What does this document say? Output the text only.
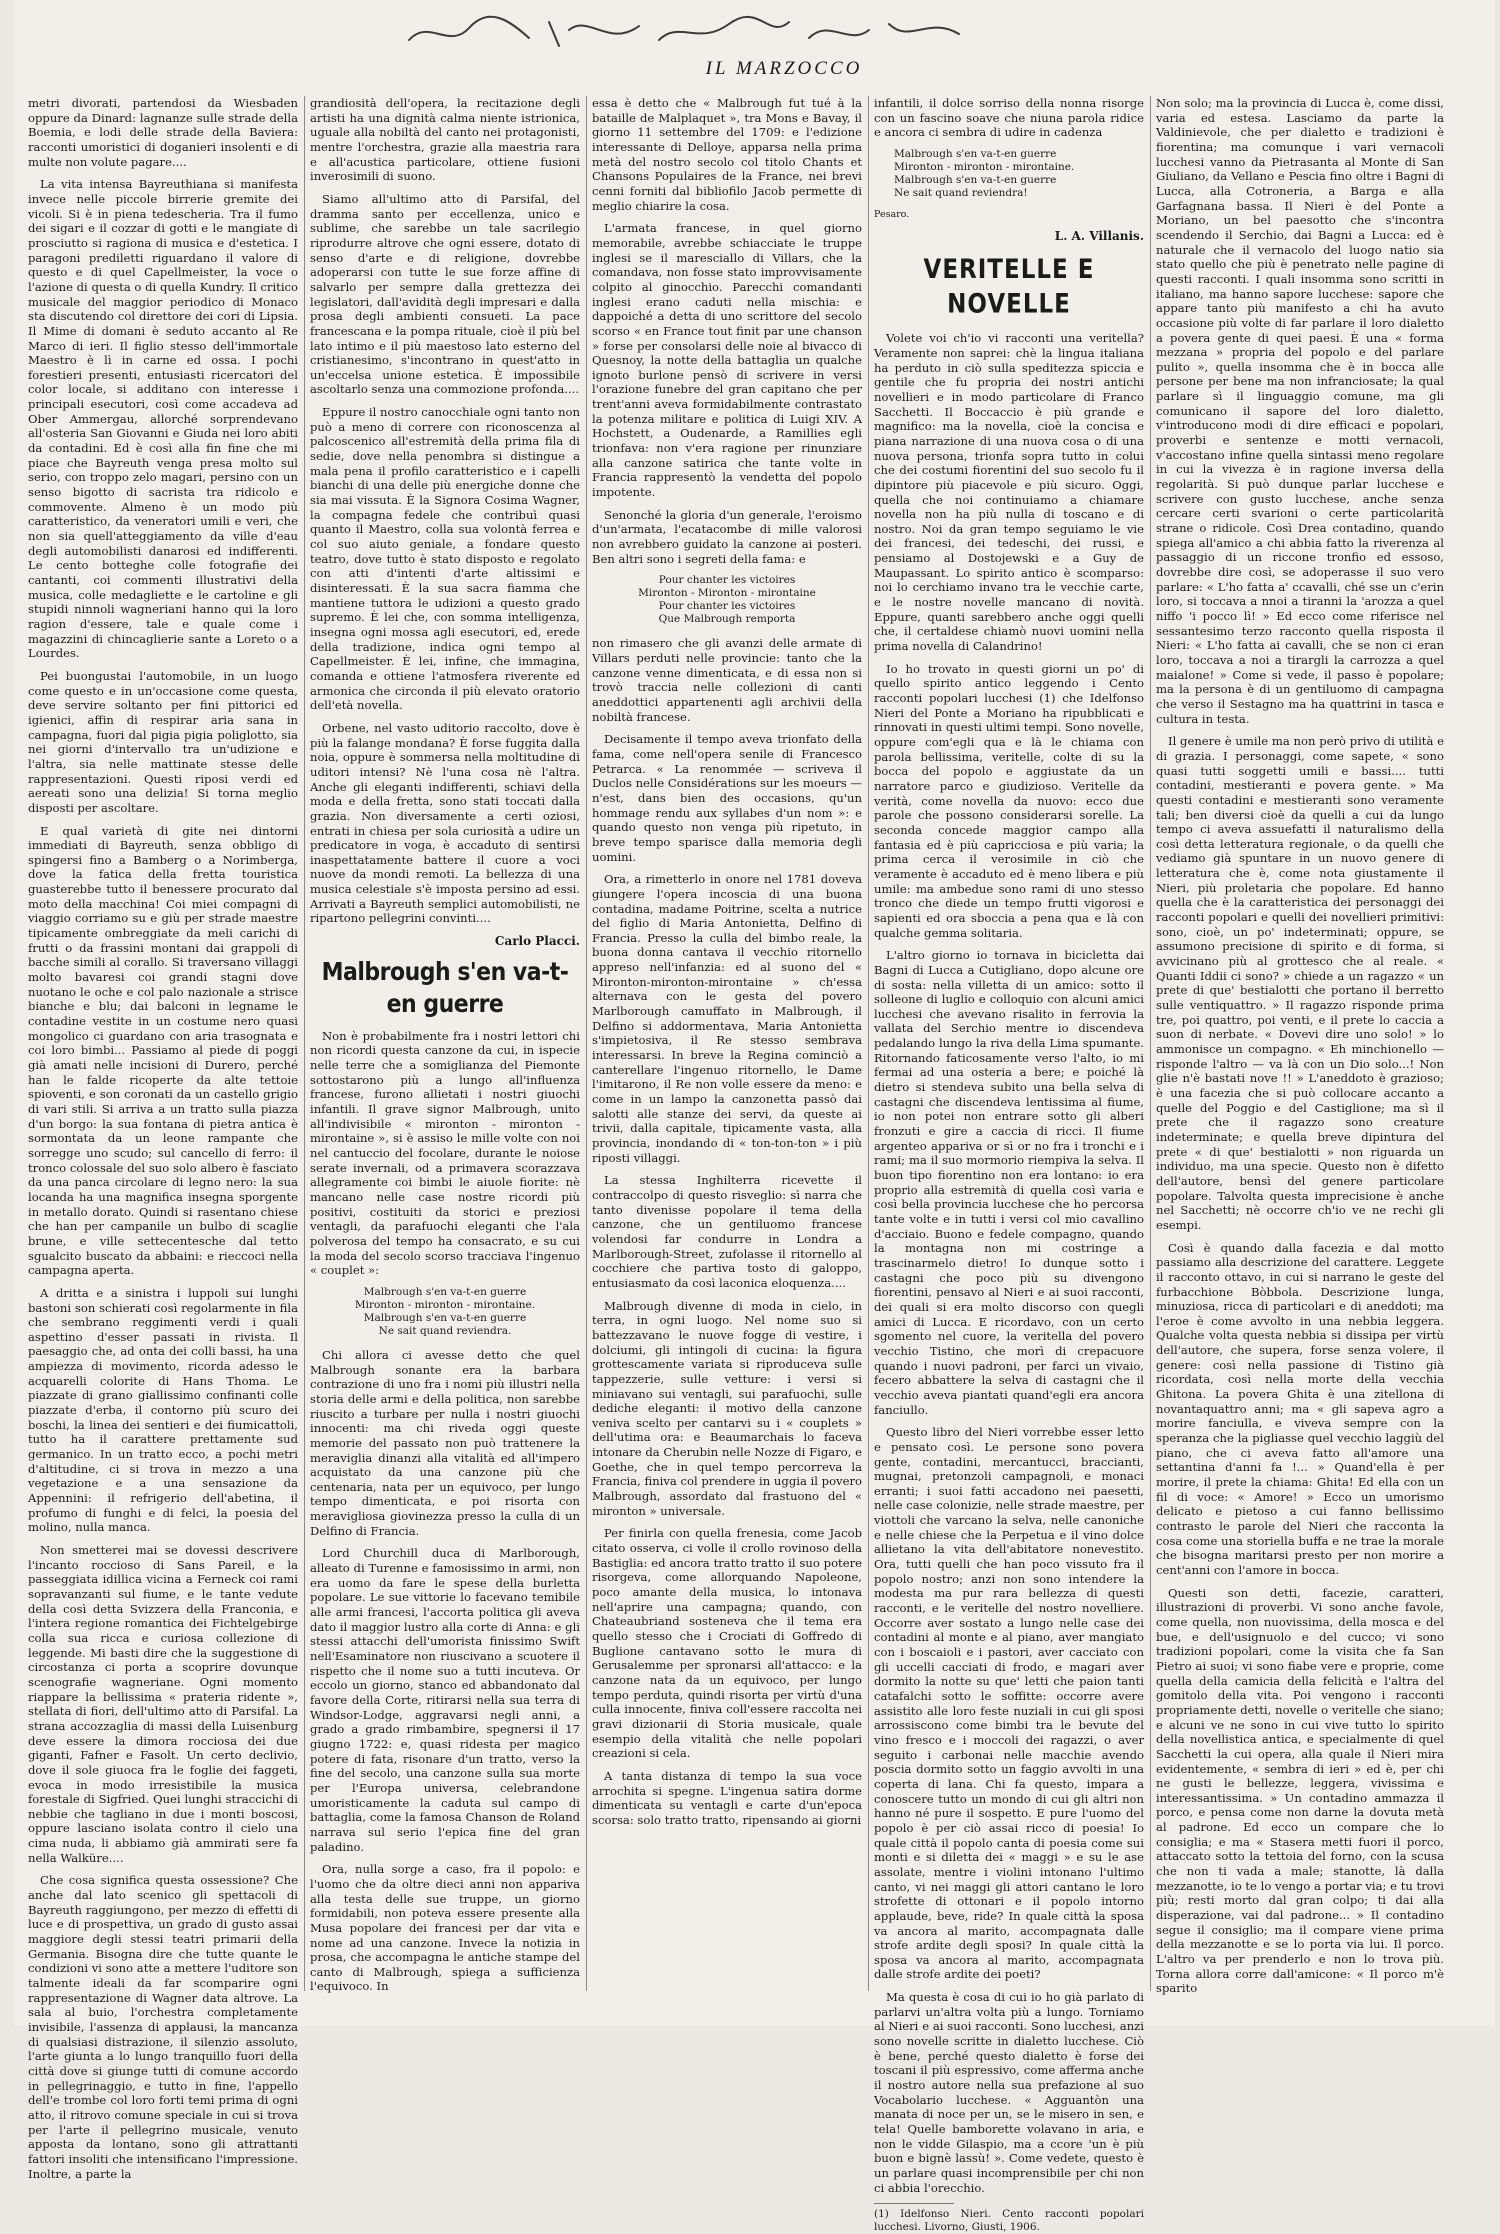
IL MARZOCCO

metri divorati, partendosi da Wiesbaden oppure da Dinard: lagnanze sulle strade della Boemia, e lodi delle strade della Baviera: racconti umoristici di doganieri insolenti e di multe non volute pagare....

La vita intensa Bayreuthiana si manifesta invece nelle piccole birrerie gremite dei vicoli. Si è in piena tedescheria. Tra il fumo dei sigari e il cozzar di gotti e le mangiate di prosciutto si ragiona di musica e d'estetica. I paragoni prediletti riguardano il valore di questo e di quel Capellmeister, la voce o l'azione di questa o di quella Kundry. Il critico musicale del maggior periodico di Monaco sta discutendo col direttore dei cori di Lipsia. Il Mime di domani è seduto accanto al Re Marco di ieri. Il figlio stesso dell'immortale Maestro è lì in carne ed ossa. I pochi forestieri presenti, entusiasti ricercatori del color locale, si additano con interesse i principali esecutori, così come accadeva ad Ober Ammergau, allorché sorprendevano all'osteria San Giovanni e Giuda nei loro abiti da contadini. Ed è così alla fin fine che mi piace che Bayreuth venga presa molto sul serio, con troppo zelo magari, persino con un senso bigotto di sacrista tra ridicolo e commovente. Almeno è un modo più caratteristico, da veneratori umili e veri, che non sia quell'atteggiamento da ville d'eau degli automobilisti danarosi ed indifferenti. Le cento botteghe colle fotografie dei cantanti, coi commenti illustrativi della musica, colle medagliette e le cartoline e gli stupidi ninnoli wagneriani hanno qui la loro ragion d'essere, tale e quale come i magazzini di chincaglierie sante a Loreto o a Lourdes.

Pei buongustai l'automobile, in un luogo come questo e in un'occasione come questa, deve servire soltanto per fini pittorici ed igienici, affin di respirar aria sana in campagna, fuori dal pigia pigia poliglotto, sia nei giorni d'intervallo tra un'udizione e l'altra, sia nelle mattinate stesse delle rappresentazioni. Questi riposi verdi ed aereati sono una delizia! Si torna meglio disposti per ascoltare.

E qual varietà di gite nei dintorni immediati di Bayreuth, senza obbligo di spingersi fino a Bamberg o a Norimberga, dove la fatica della fretta touristica guasterebbe tutto il benessere procurato dal moto della macchina! Coi miei compagni di viaggio corriamo su e giù per strade maestre tipicamente ombreggiate da meli carichi di frutti o da frassini montani dai grappoli di bacche simili al corallo. Si traversano villaggi molto bavaresi coi grandi stagni dove nuotano le oche e col palo nazionale a strisce bianche e blu; dai balconi in legname le contadine vestite in un costume nero quasi mongolico ci guardano con aria trasognata e coi loro bimbi... Passiamo al piede di poggi già amati nelle incisioni di Durero, perché han le falde ricoperte da alte tettoie spioventi, e son coronati da un castello grigio di vari stili. Si arriva a un tratto sulla piazza d'un borgo: la sua fontana di pietra antica è sormontata da un leone rampante che sorregge uno scudo; sul cancello di ferro: il tronco colossale del suo solo albero è fasciato da una panca circolare di legno nero: la sua locanda ha una magnifica insegna sporgente in metallo dorato. Quindi si rasentano chiese che han per campanile un bulbo di scaglie brune, e ville settecentesche dal tetto sgualcito buscato da abbaini: e rieccoci nella campagna aperta.

A dritta e a sinistra i luppoli sui lunghi bastoni son schierati così regolarmente in fila che sembrano reggimenti verdi i quali aspettino d'esser passati in rivista. Il paesaggio che, ad onta dei colli bassi, ha una ampiezza di movimento, ricorda adesso le acquarelli colorite di Hans Thoma. Le piazzate di grano giallissimo confinanti colle piazzate d'erba, il contorno più scuro dei boschi, la linea dei sentieri e dei fiumicattoli, tutto ha il carattere prettamente sud germanico. In un tratto ecco, a pochi metri d'altitudine, ci si trova in mezzo a una vegetazione e a una sensazione da Appennini: il refrigerio dell'abetina, il profumo di funghi e di felci, la poesia del molino, nulla manca.

Non smetterei mai se dovessi descrivere l'incanto roccioso di Sans Pareil, e la passeggiata idillica vicina a Ferneck coi rami sopravanzanti sul fiume, e le tante vedute della così detta Svizzera della Franconia, e l'intera regione romantica dei Fichtelgebirge colla sua ricca e curiosa collezione di leggende. Mi basti dire che la suggestione di circostanza ci porta a scoprire dovunque scenografie wagneriane. Ogni momento riappare la bellissima « prateria ridente », stellata di fiori, dell'ultimo atto di Parsifal. La strana accozzaglia di massi della Luisenburg deve essere la dimora rocciosa dei due giganti, Fafner e Fasolt. Un certo declivio, dove il sole giuoca fra le foglie dei faggeti, evoca in modo irresistibile la musica forestale di Sigfried. Quei lunghi straccichi di nebbie che tagliano in due i monti boscosi, oppure lasciano isolata contro il cielo una cima nuda, li abbiamo già ammirati sere fa nella Walküre....

Che cosa significa questa ossessione? Che anche dal lato scenico gli spettacoli di Bayreuth raggiungono, per mezzo di effetti di luce e di prospettiva, un grado di gusto assai maggiore degli stessi teatri primarii della Germania. Bisogna dire che tutte quante le condizioni vi sono atte a mettere l'uditore son talmente ideali da far scomparire ogni rappresentazione di Wagner data altrove. La sala al buio, l'orchestra completamente invisibile, l'assenza di applausi, la mancanza di qualsiasi distrazione, il silenzio assoluto, l'arte giunta a lo lungo tranquillo fuori della città dove si giunge tutti di comune accordo in pellegrinaggio, e tutto in fine, l'appello dell'e trombe col loro forti temi prima di ogni atto, il ritrovo comune speciale in cui si trova per l'arte il pellegrino musicale, venuto apposta da lontano, sono gli attrattanti fattori insoliti che intensificano l'impressione. Inoltre, a parte la

grandiosità dell'opera, la recitazione degli artisti ha una dignità calma niente istrionica, uguale alla nobiltà del canto nei protagonisti, mentre l'orchestra, grazie alla maestria rara e all'acustica particolare, ottiene fusioni inverosimili di suono.

Siamo all'ultimo atto di Parsifal, del dramma santo per eccellenza, unico e sublime, che sarebbe un tale sacrilegio riprodurre altrove che ogni essere, dotato di senso d'arte e di religione, dovrebbe adoperarsi con tutte le sue forze affine di salvarlo per sempre dalla grettezza dei legislatori, dall'avidità degli impresari e dalla prosa degli ambienti consueti. La pace francescana e la pompa rituale, cioè il più bel lato intimo e il più maestoso lato esterno del cristianesimo, s'incontrano in quest'atto in un'eccelsa unione estetica. È impossibile ascoltarlo senza una commozione profonda....

Eppure il nostro canocchiale ogni tanto non può a meno di correre con riconoscenza al palcoscenico all'estremità della prima fila di sedie, dove nella penombra si distingue a mala pena il profilo caratteristico e i capelli bianchi di una delle più energiche donne che sia mai vissuta. È la Signora Cosima Wagner, la compagna fedele che contribuì quasi quanto il Maestro, colla sua volontà ferrea e col suo aiuto geniale, a fondare questo teatro, dove tutto è stato disposto e regolato con atti d'intenti d'arte altissimi e disinteressati. È la sua sacra fiamma che mantiene tuttora le udizioni a questo grado supremo. È lei che, con somma intelligenza, insegna ogni mossa agli esecutori, ed, erede della tradizione, indica ogni tempo al Capellmeister. È lei, infine, che immagina, comanda e ottiene l'atmosfera riverente ed armonica che circonda il più elevato oratorio dell'età novella.

Orbene, nel vasto uditorio raccolto, dove è più la falange mondana? È forse fuggita dalla noia, oppure è sommersa nella moltitudine di uditori intensi? Nè l'una cosa nè l'altra. Anche gli eleganti indifferenti, schiavi della moda e della fretta, sono stati toccati dalla grazia. Non diversamente a certi oziosi, entrati in chiesa per sola curiosità a udire un predicatore in voga, è accaduto di sentirsi inaspettatamente battere il cuore a voci nuove da mondi remoti. La bellezza di una musica celestiale s'è imposta persino ad essi. Arrivati a Bayreuth semplici automobilisti, ne ripartono pellegrini convinti....

Carlo Placci.
Malbrough s'en va-t-en guerre

Non è probabilmente fra i nostri lettori chi non ricordi questa canzone da cui, in ispecie nelle terre che a somiglianza del Piemonte sottostarono più a lungo all'influenza francese, furono allietati i nostri giuochi infantili. Il grave signor Malbrough, unito all'indivisibile « mironton - mironton - mirontaine », si è assiso le mille volte con noi nel cantuccio del focolare, durante le noiose serate invernali, od a primavera scorazzava allegramente coi bimbi le aiuole fiorite: nè mancano nelle case nostre ricordi più positivi, costituiti da storici e preziosi ventagli, da parafuochi eleganti che l'ala polverosa del tempo ha consacrato, e su cui la moda del secolo scorso tracciava l'ingenuo « couplet »:

Malbrough s'en va-t-en guerre
Mironton - mironton - mirontaine.
Malbrough s'en va-t-en guerre
Ne sait quand reviendra.

Chi allora ci avesse detto che quel Malbrough sonante era la barbara contrazione di uno fra i nomi più illustri nella storia delle armi e della politica, non sarebbe riuscito a turbare per nulla i nostri giuochi innocenti: ma chi riveda oggi queste memorie del passato non può trattenere la meraviglia dinanzi alla vitalità ed all'impero acquistato da una canzone più che centenaria, nata per un equivoco, per lungo tempo dimenticata, e poi risorta con meravigliosa giovinezza presso la culla di un Delfino di Francia.

Lord Churchill duca di Marlborough, alleato di Turenne e famosissimo in armi, non era uomo da fare le spese della burletta popolare. Le sue vittorie lo facevano temibile alle armi francesi, l'accorta politica gli aveva dato il maggior lustro alla corte di Anna: e gli stessi attacchi dell'umorista finissimo Swift nell'Esaminatore non riuscivano a scuotere il rispetto che il nome suo a tutti incuteva. Or eccolo un giorno, stanco ed abbandonato dal favore della Corte, ritirarsi nella sua terra di Windsor-Lodge, aggravarsi negli anni, a grado a grado rimbambire, spegnersi il 17 giugno 1722: e, quasi ridesta per magico potere di fata, risonare d'un tratto, verso la fine del secolo, una canzone sulla sua morte per l'Europa universa, celebrandone umoristicamente la caduta sul campo di battaglia, come la famosa Chanson de Roland narrava sul serio l'epica fine del gran paladino.

Ora, nulla sorge a caso, fra il popolo: e l'uomo che da oltre dieci anni non appariva alla testa delle sue truppe, un giorno formidabili, non poteva essere presente alla Musa popolare dei francesi per dar vita e nome ad una canzone. Invece la notizia in prosa, che accompagna le antiche stampe del canto di Malbrough, spiega a sufficienza l'equivoco. In

essa è detto che « Malbrough fut tué à la bataille de Malplaquet », tra Mons e Bavay, il giorno 11 settembre del 1709: e l'edizione interessante di Delloye, apparsa nella prima metà del nostro secolo col titolo Chants et Chansons Populaires de la France, nei brevi cenni forniti dal bibliofilo Jacob permette di meglio chiarire la cosa.

L'armata francese, in quel giorno memorabile, avrebbe schiacciate le truppe inglesi se il maresciallo di Villars, che la comandava, non fosse stato improvvisamente colpito al ginocchio. Parecchi comandanti inglesi erano caduti nella mischia: e dappoiché a detta di uno scrittore del secolo scorso « en France tout finit par une chanson » forse per consolarsi delle noie al bivacco di Quesnoy, la notte della battaglia un qualche ignoto burlone pensò di scrivere in versi l'orazione funebre del gran capitano che per trent'anni aveva formidabilmente contrastato la potenza militare e politica di Luigi XIV. A Hochstett, a Oudenarde, a Ramillies egli trionfava: non v'era ragione per rinunziare alla canzone satirica che tante volte in Francia rappresentò la vendetta del popolo impotente.

Senonché la gloria d'un generale, l'eroismo d'un'armata, l'ecatacombe di mille valorosi non avrebbero guidato la canzone ai posteri. Ben altri sono i segreti della fama: e

Pour chanter les victoires
Mironton - Mironton - mirontaine
Pour chanter les victoires
Que Malbrough remporta

non rimasero che gli avanzi delle armate di Villars perduti nelle provincie: tanto che la canzone venne dimenticata, e di essa non si trovò traccia nelle collezioni di canti aneddottici appartenenti agli archivii della nobiltà francese.

Decisamente il tempo aveva trionfato della fama, come nell'opera senile di Francesco Petrarca. « La renommée — scriveva il Duclos nelle Considérations sur les moeurs — n'est, dans bien des occasions, qu'un hommage rendu aux syllabes d'un nom »: e quando questo non venga più ripetuto, in breve tempo sparisce dalla memoria degli uomini.

Ora, a rimetterlo in onore nel 1781 doveva giungere l'opera incosciа di una buona contadina, madame Poitrine, scelta a nutrice del figlio di Maria Antonietta, Delfino di Francia. Presso la culla del bimbo reale, la buona donna cantava il vecchio ritornello appreso nell'infanzia: ed al suono del « Mironton-mironton-mirontaine » ch'essa alternava con le gesta del povero Marlborough camuffato in Malbrough, il Delfino si addormentava, Maria Antonietta s'impietosiva, il Re stesso sembrava interessarsi. In breve la Regina cominciò a canterellare l'ingenuo ritornello, le Dame l'imitarono, il Re non volle essere da meno: e come in un lampo la canzonetta passò dai salotti alle stanze dei servi, da queste ai trivii, dalla capitale, tipicamente vasta, alla provincia, inondando di « ton-ton-ton » i più riposti villaggi.

La stessa Inghilterra ricevette il contraccolpo di questo risveglio: sì narra che tanto divenisse popolare il tema della canzone, che un gentiluomo francese volendosi far condurre in Londra a Marlborough-Street, zufolasse il ritornello al cocchiere che partiva tosto di galoppo, entusiasmato da così laconica eloquenza....

Malbrough divenne di moda in cielo, in terra, in ogni luogo. Nel nome suo si battezzavano le nuove fogge di vestire, i dolciumi, gli intingoli di cucina: la figura grottescamente variata si riproduceva sulle tappezzerie, sulle vetture: i versi si miniavano sui ventagli, sui parafuochi, sulle dediche eleganti: il motivo della canzone veniva scelto per cantarvi su i « couplets » dell'utima ora: e Beaumarchais lo faceva intonare da Cherubin nelle Nozze di Figaro, e Goethe, che in quel tempo percorreva la Francia, finiva col prendere in uggia il povero Malbrough, assordato dal frastuono del « mironton » universale.

Per finirla con quella frenesia, come Jacob citato osserva, ci volle il crollo rovinoso della Bastiglia: ed ancora tratto tratto il suo potere risorgeva, come allorquando Napoleone, poco amante della musica, lo intonava nell'aprire una campagna; quando, con Chateaubriand sosteneva che il tema era quello stesso che i Crociati di Goffredo di Buglione cantavano sotto le mura di Gerusalemme per spronarsi all'attacco: e la canzone nata da un equivoco, per lungo tempo perduta, quindi risorta per virtù d'una culla innocente, finiva coll'essere raccolta nei gravi dizionarii di Storia musicale, quale esempio della vitalità che nelle popolari creazioni si cela.

A tanta distanza di tempo la sua voce arrochita si spegne. L'ingenua satira dorme dimenticata su ventagli e carte d'un'epoca scorsa: solo tratto tratto, ripensando ai giorni

infantili, il dolce sorriso della nonna risorge con un fascino soave che niuna parola ridice e ancora ci sembra di udire in cadenza

Malbrough s'en va-t-en guerre
Mironton - mironton - mirontaine.
Malbrough s'en va-t-en guerre
Ne sait quand reviendra!
Pesaro.
L. A. Villanis.
VERITELLE E NOVELLE

Volete voi ch'io vi racconti una veritella? Veramente non saprei: chè la lingua italiana ha perduto in ciò sulla speditezza spicciа e gentile che fu propria dei nostri antichi novellieri e in modo particolare di Franco Sacchetti. Il Boccaccio è più grande e magnifico: ma la novella, cioè la concisa e piana narrazione di una nuova cosa o di una nuova persona, trionfa sopra tutto in colui che dei costumi fiorentini del suo secolo fu il dipintore più piacevole e più sicuro. Oggi, quella che noi continuiamo a chiamare novella non ha più nulla di toscano e di nostro. Noi da gran tempo seguiamo le vie dei francesi, dei tedeschi, dei russi, e pensiamo al Dostojewski e a Guy de Maupassant. Lo spirito antico è scomparso: noi lo cerchiamo invano tra le vecchie carte, e le nostre novelle mancano di novità. Eppure, quanti sarebbero anche oggi quelli che, il certaldese chiamò nuovi uomini nella prima novella di Calandrino!

Io ho trovato in questi giorni un po' di quello spirito antico leggendo i Cento racconti popolari lucchesi (1) che Idelfonso Nieri del Ponte a Moriano ha ripubblicati e rinnovati in questi ultimi tempi. Sono novelle, oppure com'egli qua e là le chiama con parola bellissima, veritelle, colte di su la bocca del popolo e aggiustate da un narratore parco e giudizioso. Veritelle da verità, come novella da nuovo: ecco due parole che possono considerarsi sorelle. La seconda concede maggior campo alla fantasia ed è più capricciosa e più varia; la prima cerca il verosimile in ciò che veramente è accaduto ed è meno libera e più umile: ma ambedue sono rami di uno stesso tronco che diede un tempo frutti vigorosi e sapienti ed ora sbocciа a pena qua e là con qualche gemma solitaria.

L'altro giorno io tornava in bicicletta dai Bagni di Lucca a Cutigliano, dopo alcune ore di sosta: nella villetta di un amico: sotto il solleone di luglio e colloquio con alcuni amici lucchesi che avevano risalito in ferrovia la vallata del Serchio mentre io discendeva pedalando lungo la riva della Lima spumante. Ritornando faticosamente verso l'alto, io mi fermai ad una osteria a bere; e poiché là dietro si stendeva subito una bella selva di castagni che discendeva lentissima al fiume, io non potei non entrare sotto gli alberi fronzuti e gire a caccia di ricci. Il fiume argenteo appariva or sì or no fra i tronchi e i rami; ma il suo mormorio riempiva la selva. Il buon tipo fiorentino non era lontano: io era proprio alla estremità di quella così varia e così bella provincia lucchese che ho percorsa tante volte e in tutti i versi col mio cavallino d'acciaio. Buono e fedele compagno, quando la montagna non mi costringe a trascinarmelo dietro! Io dunque sotto i castagni che poco più su divengono fiorentini, pensavo al Nieri e ai suoi racconti, dei quali si era molto discorso con quegli amici di Lucca. E ricordavo, con un certo sgomento nel cuore, la veritella del povero vecchio Tistino, che morì di crepacuore quando i nuovi padroni, per farci un vivaio, fecero abbattere la selva di castagni che il vecchio aveva piantati quand'egli era ancora fanciullo.

Questo libro del Nieri vorrebbe esser letto e pensato così. Le persone sono povera gente, contadini, mercantucci, braccianti, mugnai, pretonzoli campagnoli, e monaci erranti; i suoi fatti accadono nei paesetti, nelle case colonizie, nelle strade maestre, per viottoli che varcano la selva, nelle canoniche e nelle chiese che la Perpetua e il vino dolce allietano la vita dell'abitatore nonevestito. Ora, tutti quelli che han poco vissuto fra il popolo nostro; anzi non sono intendere la modesta ma pur rara bellezza di questi racconti, e le veritelle del nostro novelliere. Occorre aver sostato a lungo nelle case dei contadini al monte e al piano, aver mangiato con i boscaioli e i pastori, aver cacciato con gli uccelli cacciati di frodo, e magari aver dormito la notte su que' letti che paion tanti catafalchi sotto le soffitte: occorre avere assistito alle loro feste nuziali in cui gli sposi arrossiscono come bimbi tra le bevute del vino fresco e i moccoli dei ragazzi, o aver seguito i carbonai nelle macchie avendo poscia dormito sotto un faggio avvolti in una coperta di lana. Chi fa questo, impara a conoscere tutto un mondo di cui gli altri non hanno né pure il sospetto. E pure l'uomo del popolo è per ciò assai ricco di poesia! Io quale città il popolo canta di poesia come sui monti e si diletta dei « maggi » e su le ase assolate, mentre i violini intonano l'ultimo canto, vi nei maggi gli attori cantano le loro strofette di ottonari e il popolo intorno applaude, beve, ride? In quale città la sposa va ancora al marito, accompagnata dalle strofe ardite degli sposi? In quale città la sposa va ancora al marito, accompagnata dalle strofe ardite dei poeti?

Ma questa è cosa di cui io ho già parlato di parlarvi un'altra volta più a lungo. Torniamo al Nieri e ai suoi racconti. Sono lucchesi, anzi sono novelle scritte in dialetto lucchese. Ciò è bene, perché questo dialetto è forse dei toscani il più espressivo, come afferma anche il nostro autore nella sua prefazione al suo Vocabolario lucchese. « Agguantòn una manata di noce per un, se le misero in sen, e tela! Quelle bamborette volavano in aria, e non le vidde Gilaspio, ma a ccore 'un è più buon e bignè lassù! ». Come vedete, questo è un parlare quasi incomprensibile per chi non ci abbia l'orecchio.

(1) Idelfonso Nieri. Cento racconti popolari lucchesi. Livorno, Giusti, 1906.

Non solo; ma la provincia di Lucca è, come dissi, varia ed estesa. Lasciamo da parte la Valdinievole, che per dialetto e tradizioni è fiorentina; ma comunque i vari vernacoli lucchesi vanno da Pietrasanta al Monte di San Giuliano, da Vellano e Pescia fino oltre i Bagni di Lucca, alla Cotroneria, a Barga e alla Garfagnana bassa. Il Nieri è del Ponte a Moriano, un bel paesotto che s'incontra scendendo il Serchio, dai Bagni a Lucca: ed è naturale che il vernacolo del luogo natio sia stato quello che più è penetrato nelle pagine di questi racconti. I quali insomma sono scritti in italiano, ma hanno sapore lucchese: sapore che appare tanto più manifesto a chi ha avuto occasione più volte di far parlare il loro dialetto a povera gente di quei paesi. È una « forma mezzana » propria del popolo e del parlare pulito », quella insomma che è in bocca alle persone per bene ma non infranciosate; la qual parlare sì il linguaggio comune, ma gli comunicano il sapore del loro dialetto, v'introducono modi di dire efficaci e popolari, proverbi e sentenze e motti vernacoli, v'accostano infine quella sintassi meno regolare in cui la vivezza è in ragione inversa della regolarità. Si può dunque parlar lucchese e scrivere con gusto lucchese, anche senza cercare certi svarioni o certe particolarità strane o ridicole. Così Drea contadino, quando spiega all'amico a chi abbia fatto la riverenza al passaggio di un riccone tronfio ed essoso, dovrebbe dire così, se adoperasse il suo vero parlare: « L'ho fatta a' ccavalli, ché sse un c'erin loro, si toccava a nnoi a tiranni la 'arozza a quel niffo 'i pocco lì! » Ed ecco come riferisce nel sessantesimo terzo racconto quella risposta il Nieri: « L'ho fatta ai cavalli, che se non ci eran loro, toccava a noi a tirargli la carrozza a quel maialone! » Come si vede, il passo è popolare; ma la persona è di un gentiluomo di campagna che verso il Sestagno ma ha quattrini in tasca e cultura in testa.

Il genere è umile ma non però privo di utilità e di grazia. I personaggi, come sapete, « sono quasi tutti soggetti umili e bassi.... tutti contadini, mestieranti e povera gente. » Ma questi contadini e mestieranti sono veramente tali; ben diversi cioè da quelli a cui da lungo tempo ci aveva assuefatti il naturalismo della così detta letteratura regionale, o da quelli che vediamo già spuntare in un nuovo genere di letteratura che è, come nota giustamente il Nieri, più proletaria che popolare. Ed hanno quella che è la caratteristica dei personaggi dei racconti popolari e quelli dei novellieri primitivi: sono, cioè, un po' indeterminati; oppure, se assumono precisione di spirito e di forma, si avvicinano più al grottesco che al reale. « Quanti Iddii ci sono? » chiede a un ragazzo « un prete di que' bestialotti che portano il berretto sulle ventiquattro. » Il ragazzo risponde prima tre, poi quattro, poi venti, e il prete lo caccia a suon di nerbate. « Dovevi dire uno solo! » lo ammonisce un compagno. « Eh minchionello — risponde l'altro — va là con un Dio solo...! Non glie n'è bastati nove !! » L'aneddoto è grazioso; è una facezia che si può collocare accanto a quelle del Poggio e del Castiglione; ma sì il prete che il ragazzo sono creature indeterminate; e quella breve dipintura del prete « di que' bestialotti » non riguarda un individuo, ma una specie. Questo non è difetto dell'autore, bensì del genere particolare popolare. Talvolta questa imprecisione è anche nel Sacchetti; nè occorre ch'io ve ne rechi gli esempi.

Così è quando dalla facezia e dal motto passiamo alla descrizione del carattere. Leggete il racconto ottavo, in cui si narrano le geste del furbacchione Bòbbola. Descrizione lunga, minuziosa, ricca di particolari e di aneddoti; ma l'eroe è come avvolto in una nebbia leggera. Qualche volta questa nebbia si dissipa per virtù dell'autore, che supera, forse senza volere, il genere: così nella passione di Tistino già ricordata, così nella morte della vecchia Ghitona. La povera Ghita è una zitellona di novantaquattro anni; ma « gli sapeva agro a morire fanciulla, e viveva sempre con la speranza che la pigliasse quel vecchio laggiù del piano, che ci aveva fatto all'amore una settantina d'anni fa !... » Quand'ella è per morire, il prete la chiama: Ghita! Ed ella con un fil di voce: « Amore! » Ecco un umorismo delicato e pietoso a cui fanno bellissimo contrasto le parole del Nieri che racconta la cosa come una storiella buffa e ne trae la morale che bisogna maritarsi presto per non morire a cent'anni con l'amore in bocca.

Questi son detti, facezie, caratteri, illustrazioni di proverbi. Vi sono anche favole, come quella, non nuovissima, della mosca e del bue, e dell'usignuolo e del cucco; vi sono tradizioni popolari, come la visita che fa San Pietro ai suoi; vi sono fiabe vere e proprie, come quella della camicia della felicità e l'altra del gomitolo della vita. Poi vengono i racconti propriamente detti, novelle o veritelle che siano; e alcuni ve ne sono in cui vive tutto lo spirito della novellistica antica, e specialmente di quel Sacchetti la cui opera, alla quale il Nieri mira evidentemente, « sembra di ieri » ed è, per chi ne gusti le bellezze, leggera, vivissima e interessantissima. » Un contadino ammazza il porco, e pensa come non darne la dovuta metà al padrone. Ed ecco un compare che lo consiglia; e ma « Stasera metti fuori il porco, attaccato sotto la tettoia del forno, con la scusa che non ti vada a male; stanotte, là dalla mezzanotte, io te lo vengo a portar via; e tu trovi più; resti morto dal gran colpo; ti dai alla disperazione, vai dal padrone... » Il contadino segue il consiglio; ma il compare viene prima della mezzanotte e se lo porta via lui. Il porco. L'altro va per prenderlo e non lo trova più. Torna allora corre dall'amicone: « Il porco m'è sparito
